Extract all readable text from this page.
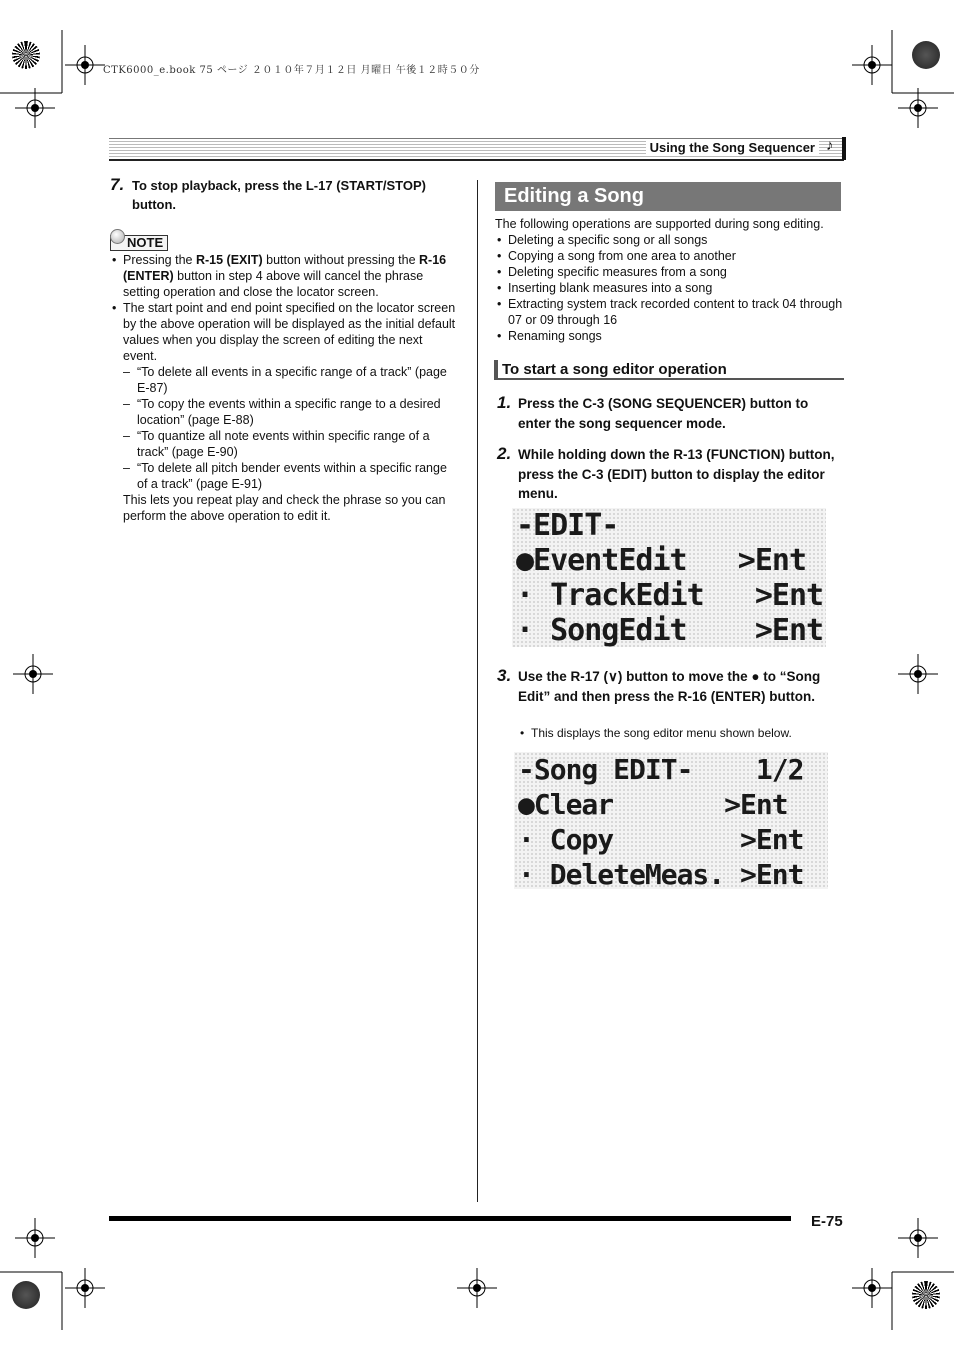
CTK6000_e.book 75 ページ ２０１０年７月１２日 月曜日 午後１２時５０分
Using the Song Sequencer ♪
7. To stop playback, press the L-17 (START/STOP) button.
NOTE
• Pressing the R-15 (EXIT) button without pressing the R-16 (ENTER) button in step 4 above will cancel the phrase setting operation and close the locator screen.
• The start point and end point specified on the locator screen by the above operation will be displayed as the initial default values when you display the screen of editing the next event.
– “To delete all events in a specific range of a track” (page E-87)
– “To copy the events within a specific range to a desired location” (page E-88)
– “To quantize all note events within specific range of a track” (page E-90)
– “To delete all pitch bender events within a specific range of a track” (page E-91)
This lets you repeat play and check the phrase so you can perform the above operation to edit it.
Editing a Song
The following operations are supported during song editing.
• Deleting a specific song or all songs
• Copying a song from one area to another
• Deleting specific measures from a song
• Inserting blank measures into a song
• Extracting system track recorded content to track 04 through 07 or 09 through 16
• Renaming songs
To start a song editor operation
1. Press the C-3 (SONG SEQUENCER) button to enter the song sequencer mode.
2. While holding down the R-13 (FUNCTION) button, press the C-3 (EDIT) button to display the editor menu.
-EDIT-
●EventEdit   >Ent
· TrackEdit   >Ent
· SongEdit    >Ent
3. Use the R-17 (∨) button to move the ● to “Song Edit” and then press the R-16 (ENTER) button.
• This displays the song editor menu shown below.
-Song EDIT-    1/2
●Clear       >Ent
· Copy        >Ent
· DeleteMeas. >Ent
E-75
